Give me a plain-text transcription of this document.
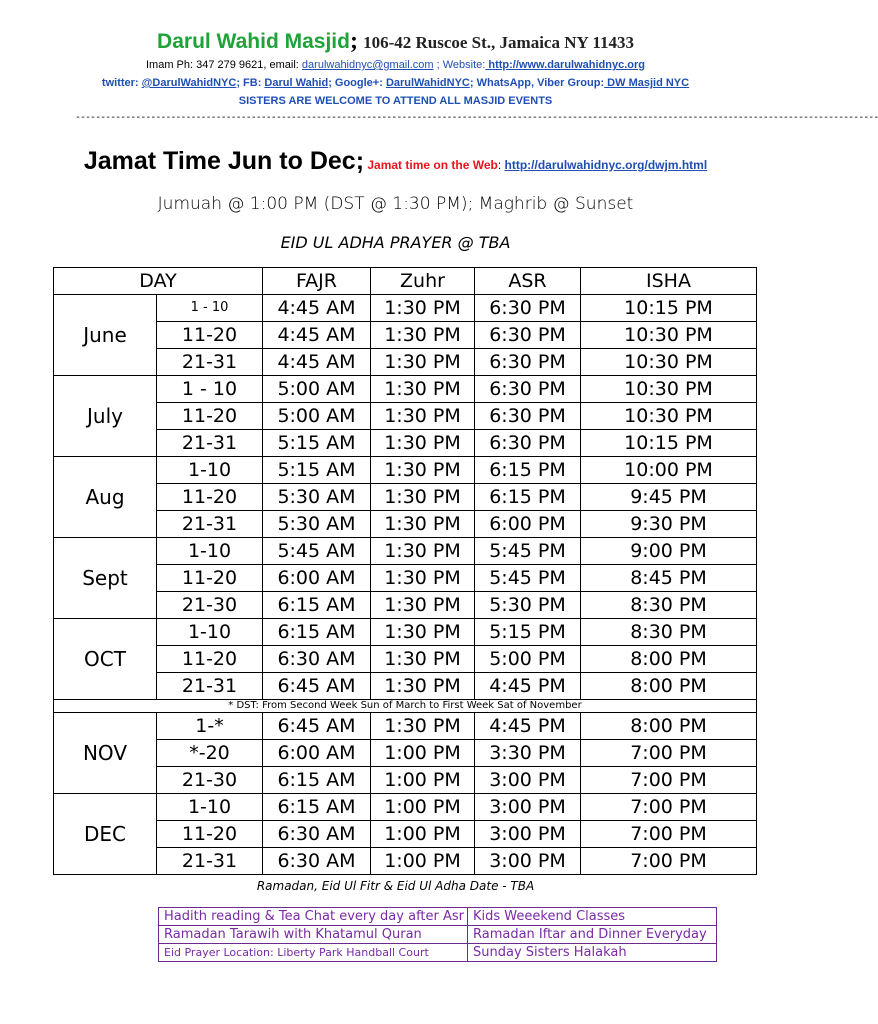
Darul Wahid Masjid; 106-42 Ruscoe St., Jamaica NY 11433
Imam Ph: 347 279 9621, email: darulwahidnyc@gmail.com ; Website: http://www.darulwahidnyc.org
twitter: @DarulWahidNYC; FB: Darul Wahid; Google+: DarulWahidNYC; WhatsApp, Viber Group: DW Masjid NYC
SISTERS ARE WELCOME TO ATTEND ALL MASJID EVENTS
----------------------------------------------------------------------------------------------------------------------------------------------------------------
Jamat Time Jun to Dec; Jamat time on the Web: http://darulwahidnyc.org/dwjm.html
Jumuah @ 1:00 PM (DST @ 1:30 PM); Maghrib @ Sunset
EID UL ADHA PRAYER @ TBA
DAY		FAJR	Zuhr	ASR	ISHA
June	1 - 10	4:45 AM	1:30 PM	6:30 PM	10:15 PM
	11-20	4:45 AM	1:30 PM	6:30 PM	10:30 PM
	21-31	4:45 AM	1:30 PM	6:30 PM	10:30 PM
July	1 - 10	5:00 AM	1:30 PM	6:30 PM	10:30 PM
	11-20	5:00 AM	1:30 PM	6:30 PM	10:30 PM
	21-31	5:15 AM	1:30 PM	6:30 PM	10:15 PM
Aug	1-10	5:15 AM	1:30 PM	6:15 PM	10:00 PM
	11-20	5:30 AM	1:30 PM	6:15 PM	9:45 PM
	21-31	5:30 AM	1:30 PM	6:00 PM	9:30 PM
Sept	1-10	5:45 AM	1:30 PM	5:45 PM	9:00 PM
	11-20	6:00 AM	1:30 PM	5:45 PM	8:45 PM
	21-30	6:15 AM	1:30 PM	5:30 PM	8:30 PM
OCT	1-10	6:15 AM	1:30 PM	5:15 PM	8:30 PM
	11-20	6:30 AM	1:30 PM	5:00 PM	8:00 PM
	21-31	6:45 AM	1:30 PM	4:45 PM	8:00 PM
* DST: From Second Week Sun of March to First Week Sat of November					
NOV	1-*	6:45 AM	1:30 PM	4:45 PM	8:00 PM
	*-20	6:00 AM	1:00 PM	3:30 PM	7:00 PM
	21-30	6:15 AM	1:00 PM	3:00 PM	7:00 PM
DEC	1-10	6:15 AM	1:00 PM	3:00 PM	7:00 PM
	11-20	6:30 AM	1:00 PM	3:00 PM	7:00 PM
	21-31	6:30 AM	1:00 PM	3:00 PM	7:00 PM
Ramadan, Eid Ul Fitr & Eid Ul Adha Date - TBA
Hadith reading & Tea Chat every day after Asr	Kids Weeekend Classes
Ramadan Tarawih with Khatamul Quran	Ramadan Iftar and Dinner Everyday
Eid Prayer Location: Liberty Park Handball Court	Sunday Sisters Halakah
